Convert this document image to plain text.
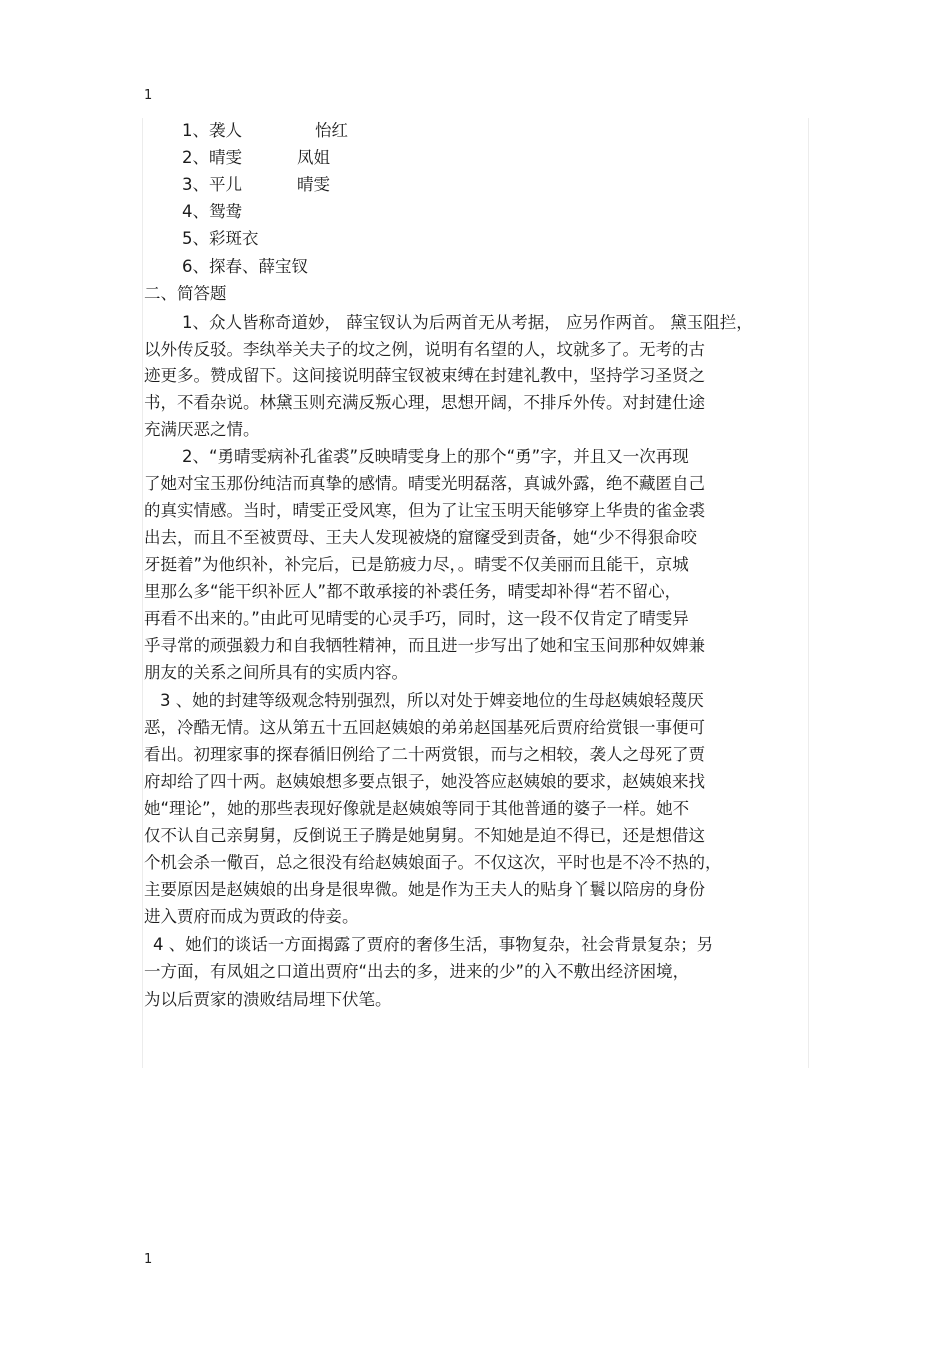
1
1、袭人	怡红
2、晴雯	凤姐
3、平儿	晴雯
4、鸳鸯
5、彩斑衣
6、探春、薛宝钗
二、简答题

1、众人皆称奇道妙， 薛宝钗认为后两首无从考据， 应另作两首。 黛玉阻拦，

以外传反驳。李纨举关夫子的坟之例，说明有名望的人，坟就多了。无考的古

迹更多。赞成留下。这间接说明薛宝钗被束缚在封建礼教中，坚持学习圣贤之

书，不看杂说。林黛玉则充满反叛心理，思想开阔，不排斥外传。对封建仕途

充满厌恶之情。

2、“勇晴雯病补孔雀裘”反映晴雯身上的那个“勇”字，并且又一次再现

了她对宝玉那份纯洁而真挚的感情。晴雯光明磊落，真诚外露，绝不藏匿自己

的真实情感。当时，晴雯正受风寒，但为了让宝玉明天能够穿上华贵的雀金裘

出去，而且不至被贾母、王夫人发现被烧的窟窿受到责备，她“少不得狠命咬

牙挺着”为他织补，补完后，已是筋疲力尽，。晴雯不仅美丽而且能干，京城

里那么多“能干织补匠人”都不敢承接的补裘任务，晴雯却补得“若不留心，

再看不出来的。”由此可见晴雯的心灵手巧，同时，这一段不仅肯定了晴雯异

乎寻常的顽强毅力和自我牺牲精神，而且进一步写出了她和宝玉间那种奴婢兼

朋友的关系之间所具有的实质内容。

3 、她的封建等级观念特别强烈，所以对处于婢妾地位的生母赵姨娘轻蔑厌

恶，冷酷无情。这从第五十五回赵姨娘的弟弟赵国基死后贾府给赏银一事便可

看出。初理家事的探春循旧例给了二十两赏银，而与之相较，袭人之母死了贾

府却给了四十两。赵姨娘想多要点银子，她没答应赵姨娘的要求，赵姨娘来找

她“理论”，她的那些表现好像就是赵姨娘等同于其他普通的婆子一样。她不

仅不认自己亲舅舅，反倒说王子腾是她舅舅。不知她是迫不得已，还是想借这

个机会杀一儆百，总之很没有给赵姨娘面子。不仅这次，平时也是不冷不热的，

主要原因是赵姨娘的出身是很卑微。她是作为王夫人的贴身丫鬟以陪房的身份

进入贾府而成为贾政的侍妾。

4 、她们的谈话一方面揭露了贾府的奢侈生活，事物复杂，社会背景复杂；另

一方面，有凤姐之口道出贾府“出去的多，进来的少”的入不敷出经济困境，

为以后贾家的溃败结局埋下伏笔。

1
